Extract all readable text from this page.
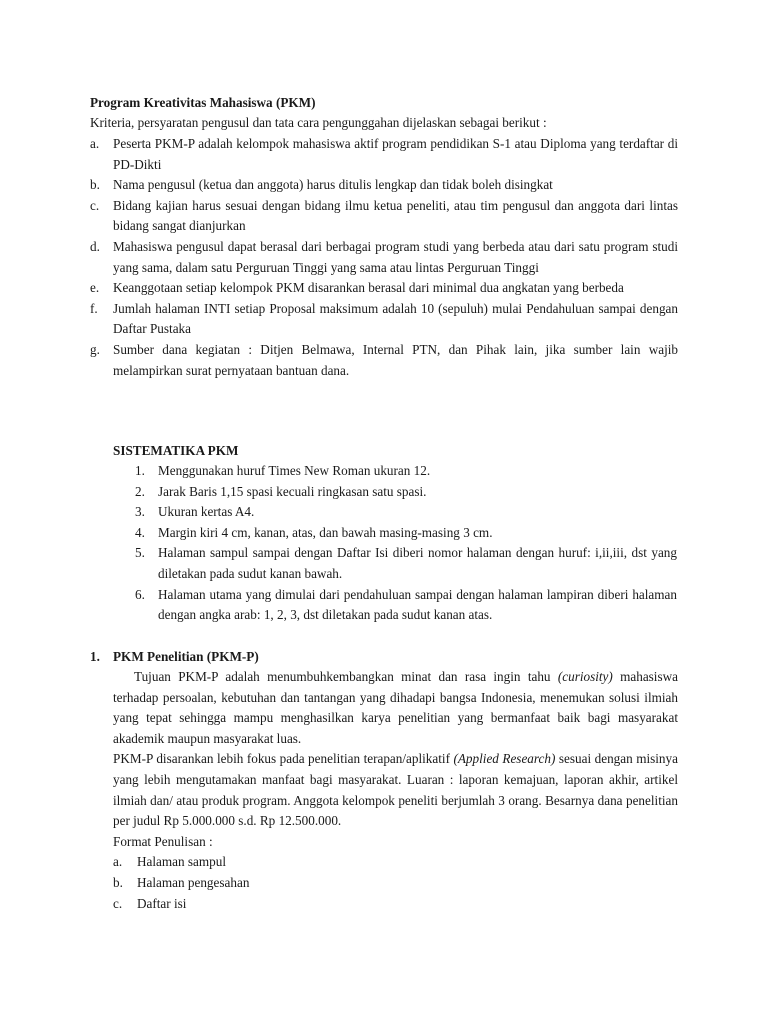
Program Kreativitas Mahasiswa (PKM)
Kriteria, persyaratan pengusul dan tata cara pengunggahan dijelaskan sebagai berikut :
a. Peserta PKM-P adalah kelompok mahasiswa aktif program pendidikan S-1 atau Diploma yang terdaftar di PD-Dikti
b. Nama pengusul (ketua dan anggota) harus ditulis lengkap dan tidak boleh disingkat
c. Bidang kajian harus sesuai dengan bidang ilmu ketua peneliti, atau tim pengusul dan anggota dari lintas bidang sangat dianjurkan
d. Mahasiswa pengusul dapat berasal dari berbagai program studi yang berbeda atau dari satu program studi yang sama, dalam satu Perguruan Tinggi yang sama atau lintas Perguruan Tinggi
e. Keanggotaan setiap kelompok PKM disarankan berasal dari minimal dua angkatan yang berbeda
f. Jumlah halaman INTI setiap Proposal maksimum adalah 10 (sepuluh) mulai Pendahuluan sampai dengan Daftar Pustaka
g. Sumber dana kegiatan : Ditjen Belmawa, Internal PTN, dan Pihak lain, jika sumber lain wajib melampirkan surat pernyataan bantuan dana.
SISTEMATIKA PKM
1. Menggunakan huruf Times New Roman ukuran 12.
2. Jarak Baris 1,15 spasi kecuali ringkasan satu spasi.
3. Ukuran kertas A4.
4. Margin kiri 4 cm, kanan, atas, dan bawah masing-masing 3 cm.
5. Halaman sampul sampai dengan Daftar Isi diberi nomor halaman dengan huruf: i,ii,iii, dst yang diletakan pada sudut kanan bawah.
6. Halaman utama yang dimulai dari pendahuluan sampai dengan halaman lampiran diberi halaman dengan angka arab: 1, 2, 3, dst diletakan pada sudut kanan atas.
1. PKM Penelitian (PKM-P)

Tujuan PKM-P adalah menumbuhkembangkan minat dan rasa ingin tahu (curiosity) mahasiswa terhadap persoalan, kebutuhan dan tantangan yang dihadapi bangsa Indonesia, menemukan solusi ilmiah yang tepat sehingga mampu menghasilkan karya penelitian yang bermanfaat baik bagi masyarakat akademik maupun masyarakat luas.

PKM-P disarankan lebih fokus pada penelitian terapan/aplikatif (Applied Research) sesuai dengan misinya yang lebih mengutamakan manfaat bagi masyarakat. Luaran : laporan kemajuan, laporan akhir, artikel ilmiah dan/ atau produk program. Anggota kelompok peneliti berjumlah 3 orang. Besarnya dana penelitian per judul Rp 5.000.000 s.d. Rp 12.500.000.

Format Penulisan :

a. Halaman sampul
b. Halaman pengesahan
c. Daftar isi
